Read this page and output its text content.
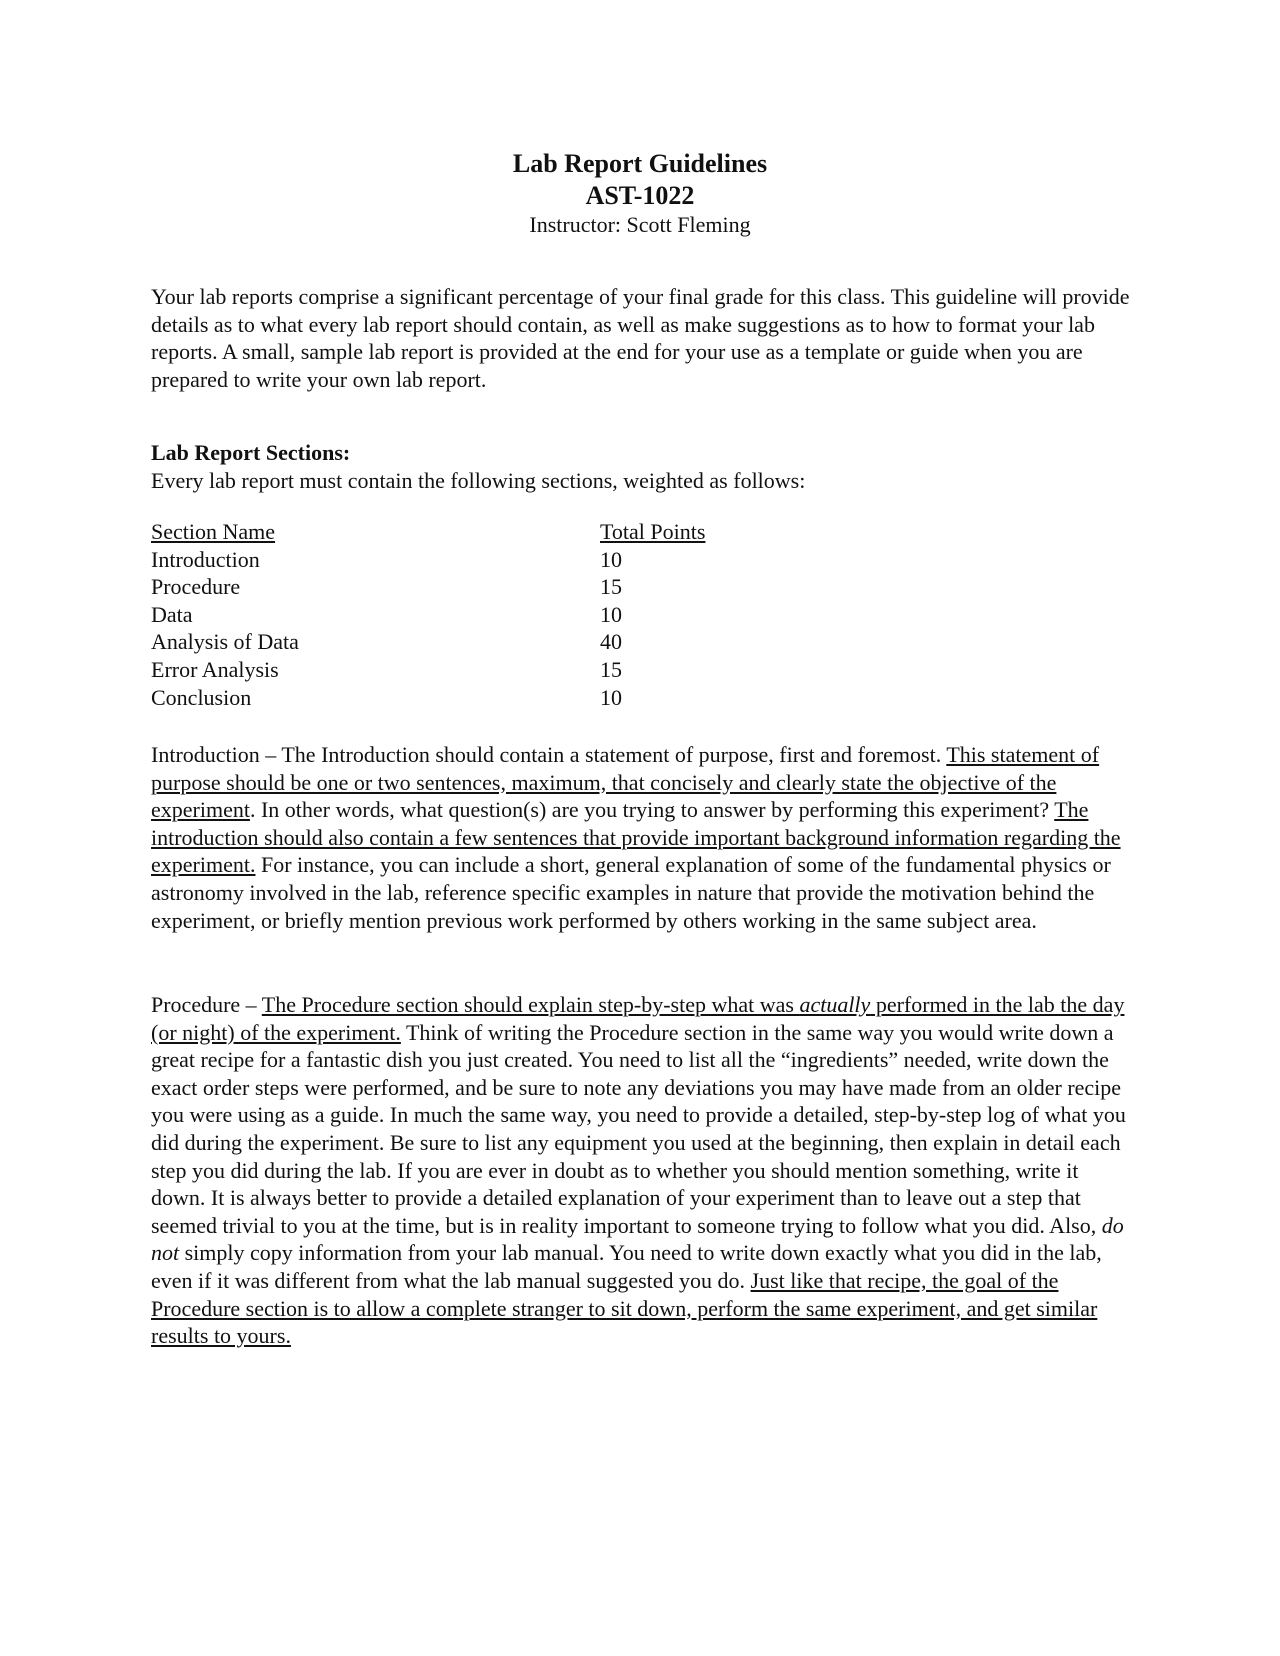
Lab Report Guidelines
AST-1022
Instructor: Scott Fleming

Your lab reports comprise a significant percentage of your final grade for this class. This guideline will provide details as to what every lab report should contain, as well as make suggestions as to how to format your lab reports. A small, sample lab report is provided at the end for your use as a template or guide when you are prepared to write your own lab report.

Lab Report Sections:

Every lab report must contain the following sections, weighted as follows:

Section Name	Total Points
Introduction	10
Procedure	15
Data	10
Analysis of Data	40
Error Analysis	15
Conclusion	10

Introduction – The Introduction should contain a statement of purpose, first and foremost. This statement of purpose should be one or two sentences, maximum, that concisely and clearly state the objective of the experiment. In other words, what question(s) are you trying to answer by performing this experiment? The introduction should also contain a few sentences that provide important background information regarding the experiment. For instance, you can include a short, general explanation of some of the fundamental physics or astronomy involved in the lab, reference specific examples in nature that provide the motivation behind the experiment, or briefly mention previous work performed by others working in the same subject area.

Procedure – The Procedure section should explain step-by-step what was actually performed in the lab the day (or night) of the experiment. Think of writing the Procedure section in the same way you would write down a great recipe for a fantastic dish you just created. You need to list all the “ingredients” needed, write down the exact order steps were performed, and be sure to note any deviations you may have made from an older recipe you were using as a guide. In much the same way, you need to provide a detailed, step-by-step log of what you did during the experiment. Be sure to list any equipment you used at the beginning, then explain in detail each step you did during the lab. If you are ever in doubt as to whether you should mention something, write it down. It is always better to provide a detailed explanation of your experiment than to leave out a step that seemed trivial to you at the time, but is in reality important to someone trying to follow what you did. Also, do not simply copy information from your lab manual. You need to write down exactly what you did in the lab, even if it was different from what the lab manual suggested you do. Just like that recipe, the goal of the Procedure section is to allow a complete stranger to sit down, perform the same experiment, and get similar results to yours.
